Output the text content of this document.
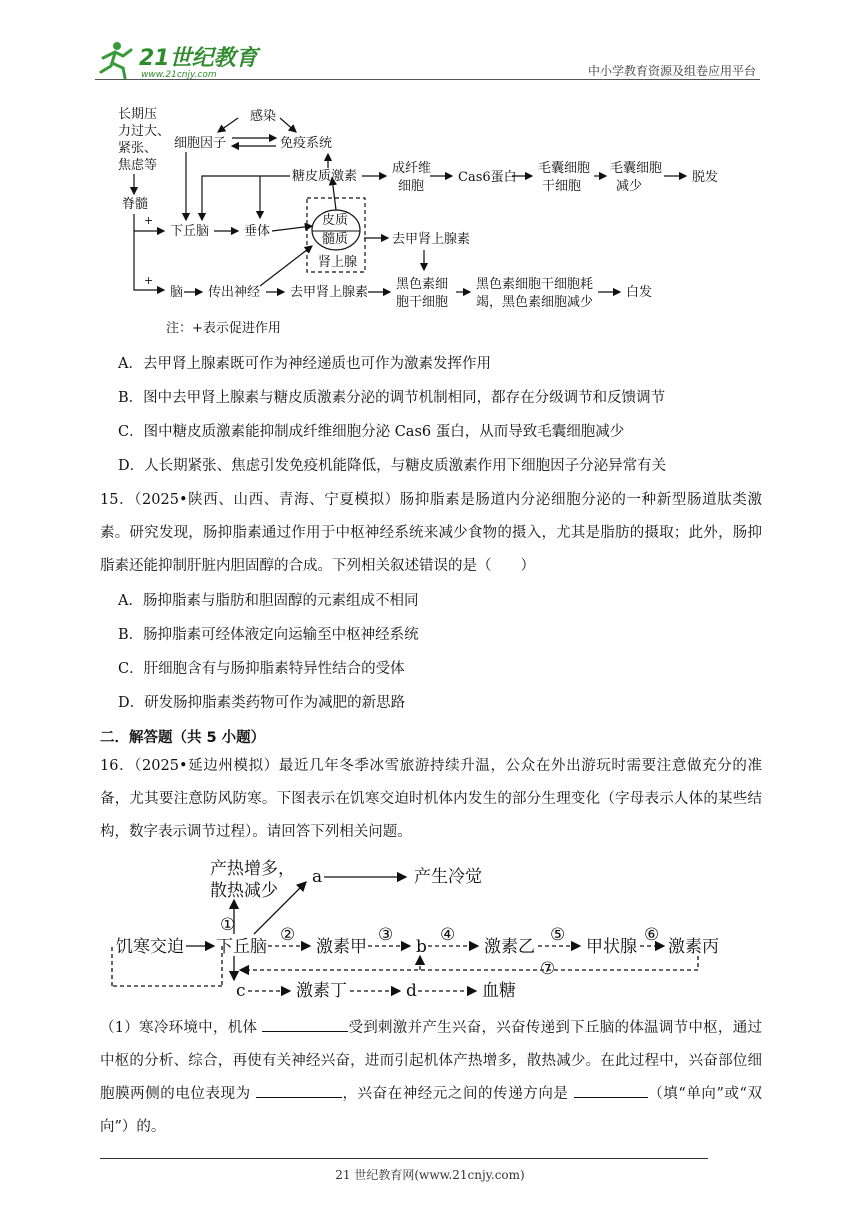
21世纪教育
www.21cnjy.com	中小学教育资源及组卷应用平台
长期压
力过大、
紧张、
焦虑等
感染
细胞因子	免疫系统
脊髓
糖皮质激素
成纤维
细胞
Cas6蛋白
毛囊细胞
干细胞
毛囊细胞
减少
脱发
+
下丘脑	垂体
皮质
髓质
肾上腺
去甲肾上腺素
+
脑 传出神经 去甲肾上腺素
黑色素细
胞干细胞
黑色素细胞干细胞耗
竭，黑色素细胞减少
白发
注：+表示促进作用
A．去甲肾上腺素既可作为神经递质也可作为激素发挥作用
B．图中去甲肾上腺素与糖皮质激素分泌的调节机制相同，都存在分级调节和反馈调节
C．图中糖皮质激素能抑制成纤维细胞分泌 Cas6 蛋白，从而导致毛囊细胞减少
D．人长期紧张、焦虑引发免疫机能降低，与糖皮质激素作用下细胞因子分泌异常有关
15．（2025•陕西、山西、青海、宁夏模拟）肠抑脂素是肠道内分泌细胞分泌的一种新型肠道肽类激素。研究发现，肠抑脂素通过作用于中枢神经系统来减少食物的摄入，尤其是脂肪的摄取；此外，肠抑脂素还能抑制肝脏内胆固醇的合成。下列相关叙述错误的是（　　）
A．肠抑脂素与脂肪和胆固醇的元素组成不相同
B．肠抑脂素可经体液定向运输至中枢神经系统
C．肝细胞含有与肠抑脂素特异性结合的受体
D．研发肠抑脂素类药物可作为减肥的新思路
二．解答题（共 5 小题）
16．（2025•延边州模拟）最近几年冬季冰雪旅游持续升温，公众在外出游玩时需要注意做充分的准备，尤其要注意防风防寒。下图表示在饥寒交迫时机体内发生的部分生理变化（字母表示人体的某些结构，数字表示调节过程）。请回答下列相关问题。
产热增多，
散热减少
a	产生冷觉
①
饥寒交迫 下丘脑
②
激素甲
③
b
④
激素乙
⑤
甲状腺
⑥
激素丙
⑦
c	激素丁	d	血糖
（1）寒冷环境中，机体	受到刺激并产生兴奋，兴奋传递到下丘脑的体温调节中枢，通过中枢的分析、综合，再使有关神经兴奋，进而引起机体产热增多，散热减少。在此过程中，兴奋部位细胞膜两侧的电位表现为	，兴奋在神经元之间的传递方向是	（填“单向”或“双向”）的。
21 世纪教育网(www.21cnjy.com)
